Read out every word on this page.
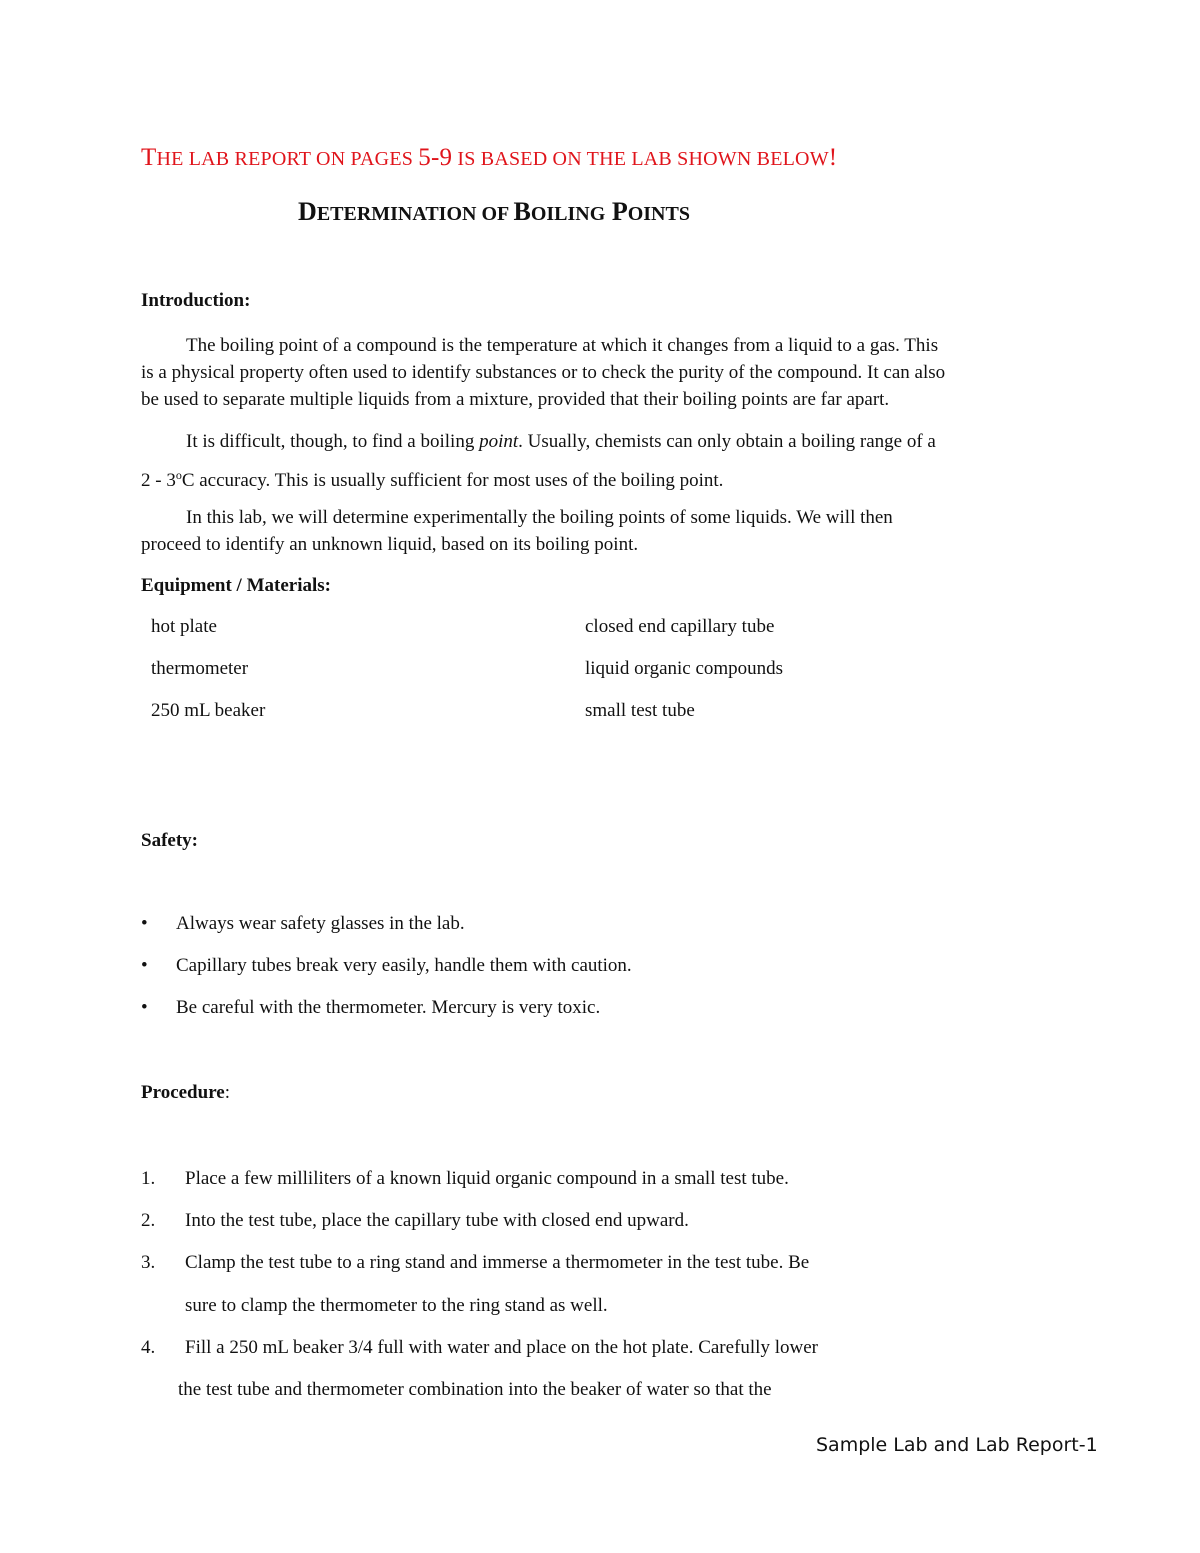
THE LAB REPORT ON PAGES 5-9 IS BASED ON THE LAB SHOWN BELOW!
DETERMINATION OF BOILING POINTS
Introduction:
The boiling point of a compound is the temperature at which it changes from a liquid to a gas. This
is a physical property often used to identify substances or to check the purity of the compound. It can also
be used to separate multiple liquids from a mixture, provided that their boiling points are far apart.
It is difficult, though, to find a boiling point. Usually, chemists can only obtain a boiling range of a
2 - 3$^o$C accuracy. This is usually sufficient for most uses of the boiling point.
In this lab, we will determine experimentally the boiling points of some liquids. We will then
proceed to identify an unknown liquid, based on its boiling point.
Equipment / Materials:
hot plate
thermometer
250 mL beaker
closed end capillary tube
liquid organic compounds
small test tube
Safety:
• Always wear safety glasses in the lab.
• Capillary tubes break very easily, handle them with caution.
• Be careful with the thermometer. Mercury is very toxic.
Procedure:
1. Place a few milliliters of a known liquid organic compound in a small test tube.
2. Into the test tube, place the capillary tube with closed end upward.
3. Clamp the test tube to a ring stand and immerse a thermometer in the test tube. Be
sure to clamp the thermometer to the ring stand as well.
4. Fill a 250 mL beaker 3/4 full with water and place on the hot plate. Carefully lower
the test tube and thermometer combination into the beaker of water so that the
Sample Lab and Lab Report-1
